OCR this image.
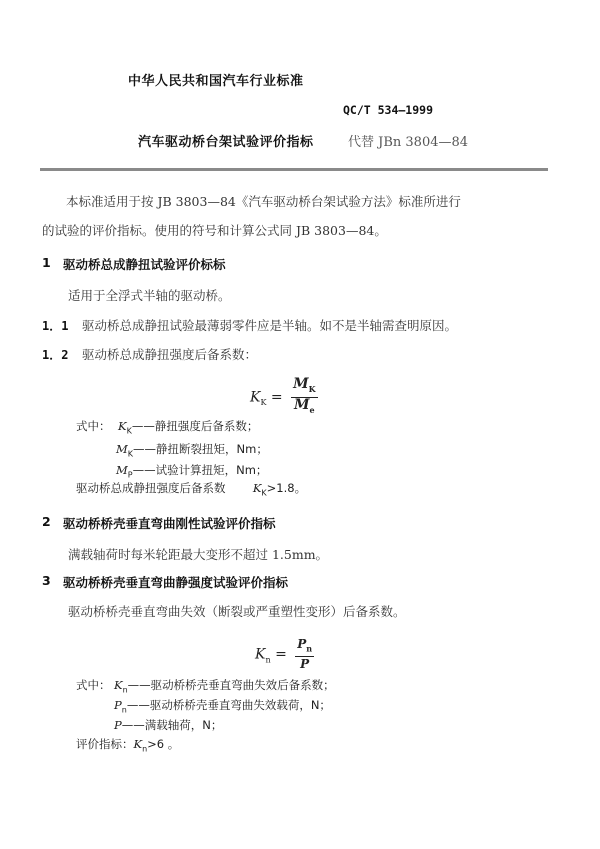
中华人民共和国汽车行业标准
QC/T 534—1999
汽车驱动桥台架试验评价指标	代替 JBn 3804—84
本标准适用于按 JB 3803—84《汽车驱动桥台架试验方法》标准所进行
的试验的评价指标。使用的符号和计算公式同 JB 3803—84。
1 驱动桥总成静扭试验评价标标
适用于全浮式半轴的驱动桥。
1．1 驱动桥总成静扭试验最薄弱零件应是半轴。如不是半轴需查明原因。
1．2 驱动桥总成静扭强度后备系数：
$K_K = \frac{M_K}{M_e}$
式中： $K_K——$静扭强度后备系数；
$M_K——$静扭断裂扭矩，Nm；
$M_P——$试验计算扭矩，Nm；
驱动桥总成静扭强度后备系数 $K_K>1.8$。
2 驱动桥桥壳垂直弯曲刚性试验评价指标
满载轴荷时每米轮距最大变形不超过 1.5mm。
3 驱动桥桥壳垂直弯曲静强度试验评价指标
驱动桥桥壳垂直弯曲失效（断裂或严重塑性变形）后备系数。
$K_n = \frac{P_n}{P}$
式中： $K_n——$驱动桥桥壳垂直弯曲失效后备系数；
$P_n——$驱动桥桥壳垂直弯曲失效载荷，N；
P——满载轴荷，N；
评价指标：$K_n>6$ 。
